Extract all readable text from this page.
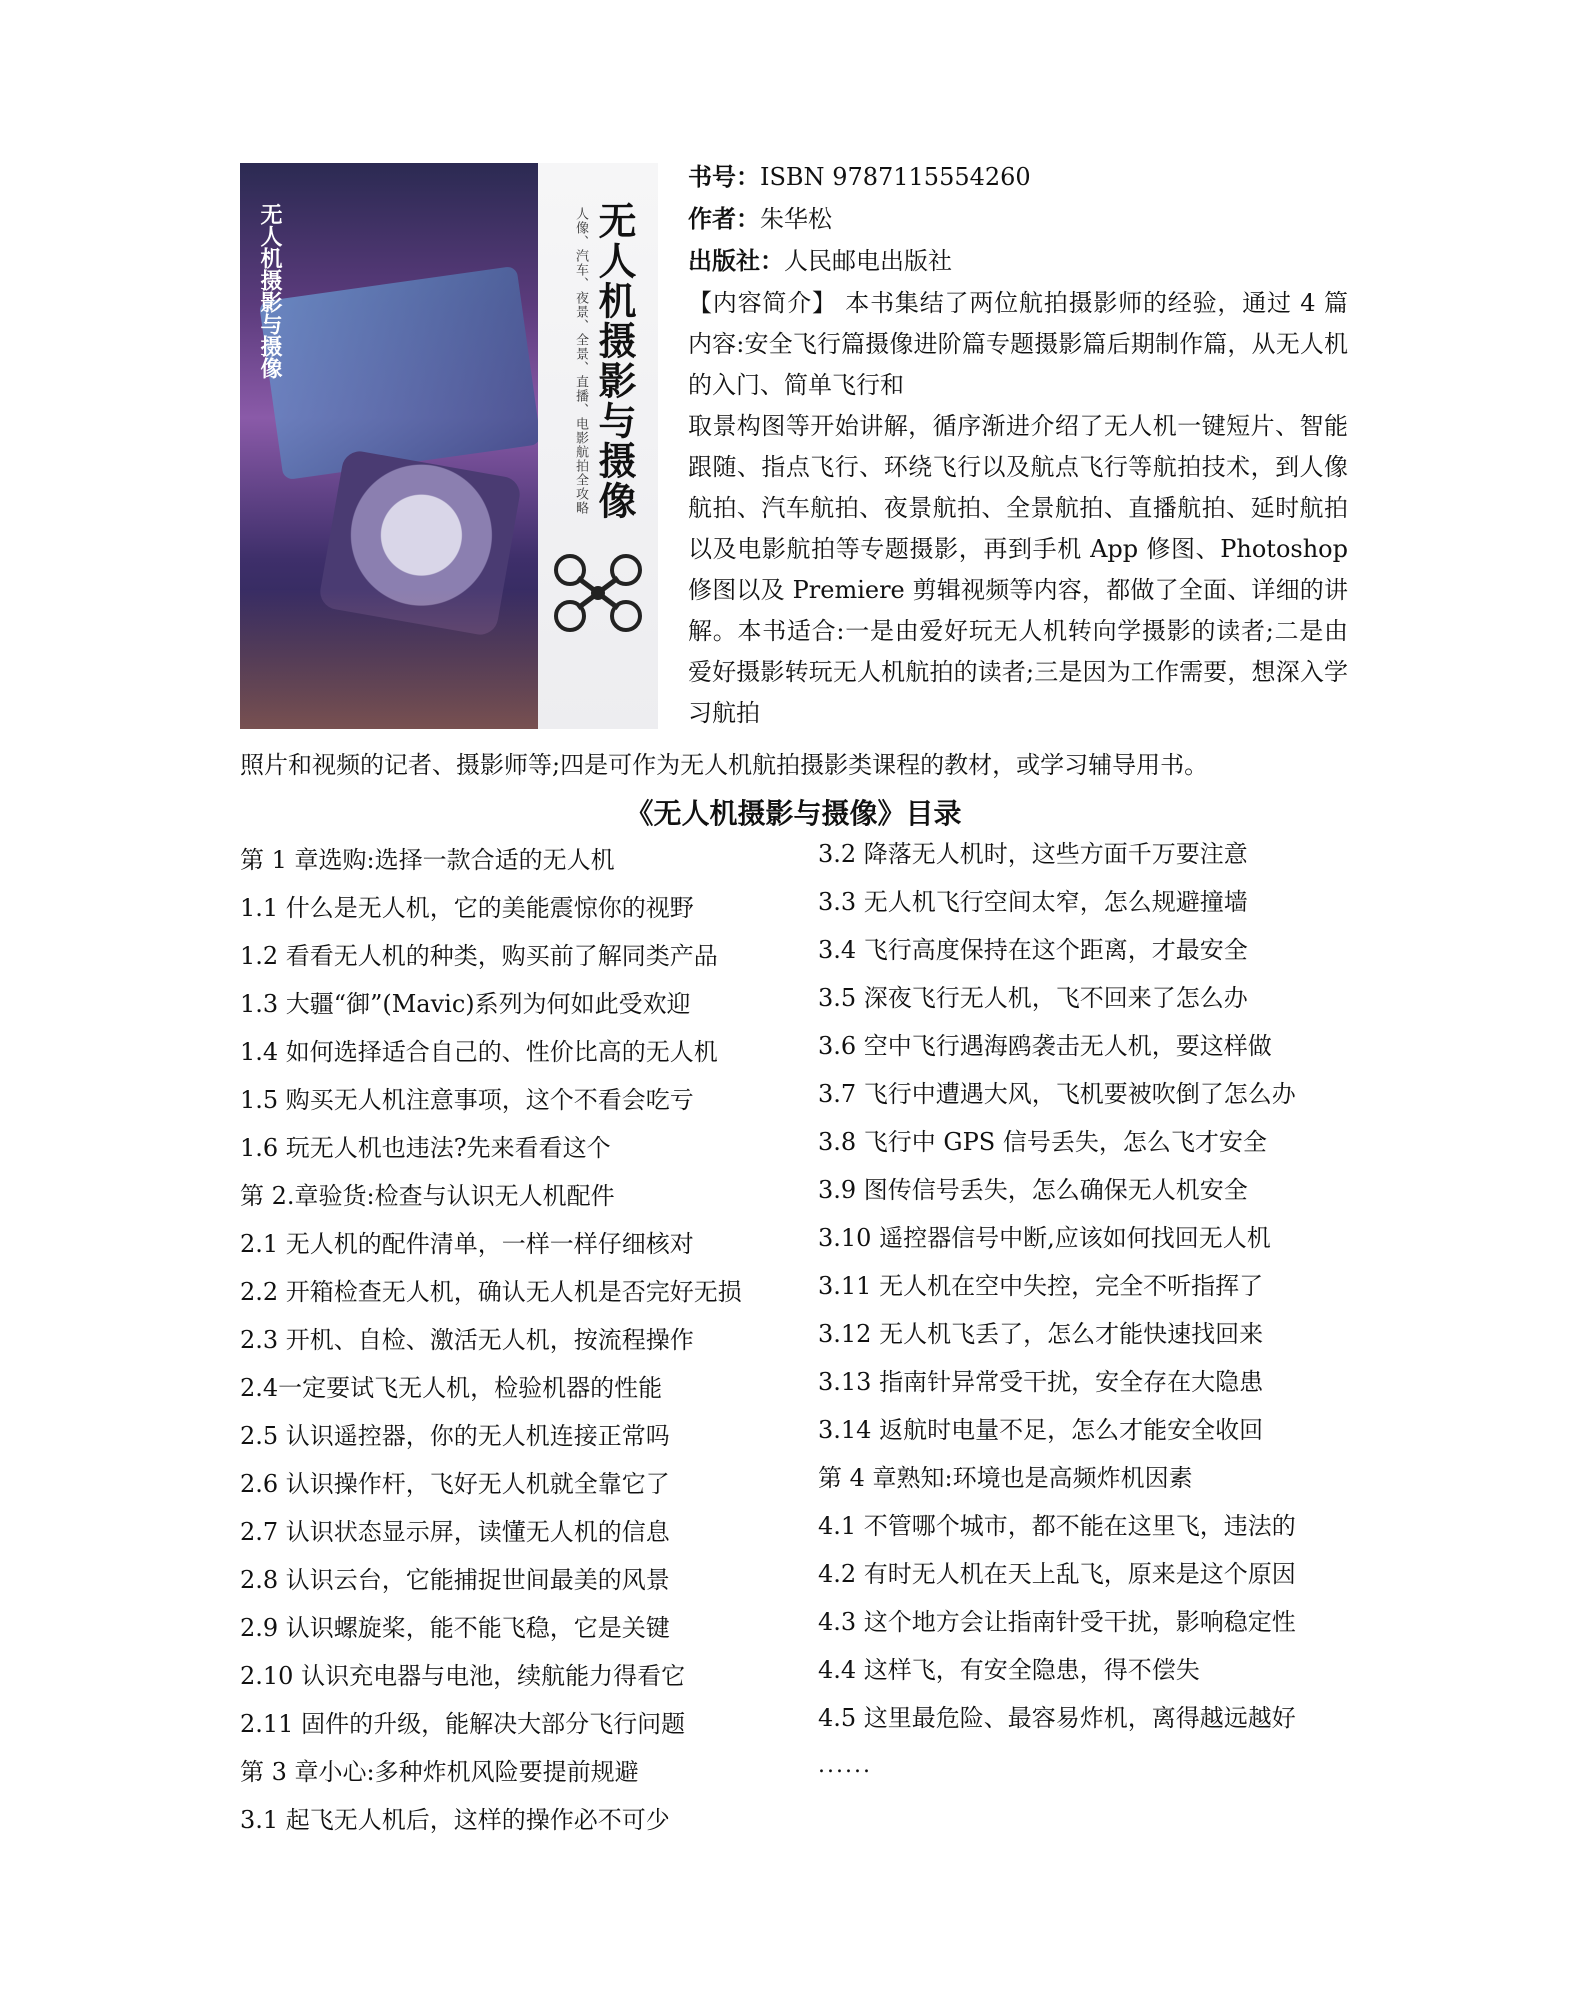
无人机摄影与摄像	无人机摄影与摄像
人像、汽车、夜景、全景、直播、电影航拍全攻略
书号：ISBN 9787115554260
作者：朱华松
出版社：人民邮电出版社
【内容简介】 本书集结了两位航拍摄影师的经验，通过 4 篇内容:安全飞行篇摄像进阶篇专题摄影篇后期制作篇，从无人机的入门、简单飞行和
取景构图等开始讲解，循序渐进介绍了无人机一键短片、智能跟随、指点飞行、环绕飞行以及航点飞行等航拍技术，到人像航拍、汽车航拍、夜景航拍、全景航拍、直播航拍、延时航拍以及电影航拍等专题摄影，再到手机 App 修图、Photoshop 修图以及 Premiere 剪辑视频等内容，都做了全面、详细的讲解。本书适合:一是由爱好玩无人机转向学摄影的读者;二是由爱好摄影转玩无人机航拍的读者;三是因为工作需要，想深入学习航拍
照片和视频的记者、摄影师等;四是可作为无人机航拍摄影类课程的教材，或学习辅导用书。
《无人机摄影与摄像》目录
第 1 章选购:选择一款合适的无人机
1.1 什么是无人机，它的美能震惊你的视野
1.2 看看无人机的种类，购买前了解同类产品
1.3 大疆“御”(Mavic)系列为何如此受欢迎
1.4 如何选择适合自己的、性价比高的无人机
1.5 购买无人机注意事项，这个不看会吃亏
1.6 玩无人机也违法?先来看看这个
第 2.章验货:检查与认识无人机配件
2.1 无人机的配件清单，一样一样仔细核对
2.2 开箱检查无人机，确认无人机是否完好无损
2.3 开机、自检、激活无人机，按流程操作
2.4一定要试飞无人机，检验机器的性能
2.5 认识遥控器，你的无人机连接正常吗
2.6 认识操作杆，飞好无人机就全靠它了
2.7 认识状态显示屏，读懂无人机的信息
2.8 认识云台，它能捕捉世间最美的风景
2.9 认识螺旋桨，能不能飞稳，它是关键
2.10 认识充电器与电池，续航能力得看它
2.11 固件的升级，能解决大部分飞行问题
第 3 章小心:多种炸机风险要提前规避
3.1 起飞无人机后，这样的操作必不可少
3.2 降落无人机时，这些方面千万要注意
3.3 无人机飞行空间太窄，怎么规避撞墙
3.4 飞行高度保持在这个距离，才最安全
3.5 深夜飞行无人机，飞不回来了怎么办
3.6 空中飞行遇海鸥袭击无人机，要这样做
3.7 飞行中遭遇大风，飞机要被吹倒了怎么办
3.8 飞行中 GPS 信号丢失，怎么飞才安全
3.9 图传信号丢失，怎么确保无人机安全
3.10 遥控器信号中断,应该如何找回无人机
3.11 无人机在空中失控，完全不听指挥了
3.12 无人机飞丢了，怎么才能快速找回来
3.13 指南针异常受干扰，安全存在大隐患
3.14 返航时电量不足，怎么才能安全收回
第 4 章熟知:环境也是高频炸机因素
4.1 不管哪个城市，都不能在这里飞，违法的
4.2 有时无人机在天上乱飞，原来是这个原因
4.3 这个地方会让指南针受干扰，影响稳定性
4.4 这样飞，有安全隐患，得不偿失
4.5 这里最危险、最容易炸机，离得越远越好
......
